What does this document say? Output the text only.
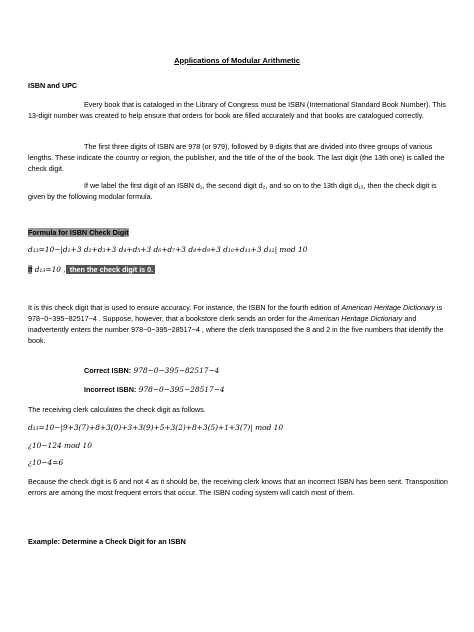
Applications of Modular Arithmetic

ISBN and UPC

Every book that is cataloged in the Library of Congress must be ISBN (International Standard Book Number). This 13-digit number was created to help ensure that orders for book are filled accurately and that books are catalogued correctly.

The first three digits of ISBN are 978 (or 979), followed by 9 digits that are divided into three groups of various lengths. These indicate the country or region, the publisher, and the title of the of the book. The last digit (the 13th one) is called the check digit.

If we label the first digit of an ISBN d₁, the second digit d₂, and so on to the 13th digit d₁₃, then the check digit is given by the following modular formula.

Formula for ISBN Check Digit

d₁₃=10−|d₁+3 d₂+d₃+3 d₄+d₅+3 d₆+d₇+3 d₈+d₉+3 d₁₀+d₁₁+3 d₁₂| mod 10

If d₁₃=10 , then the check digit is 0.

It is this check digit that is used to ensure accuracy. For instance, the ISBN for the fourth edition of American Heritage Dictionary is 978−0−395−82517−4 . Suppose, however, that a bookstore clerk sends an order for the American Heritage Dictionary and inadvertently enters the number 978−0−395−28517−4 , where the clerk transposed the 8 and 2 in the five numbers that identify the book.

Correct ISBN: 978−0−395−82517−4
Incorrect ISBN: 978−0−395−28517−4

The receiving clerk calculates the check digit as follows.

d₁₃=10−|9+3(7)+8+3(0)+3+3(9)+5+3(2)+8+3(5)+1+3(7)| mod 10

¿10−124 mod 10

¿10−4=6

Because the check digit is 6 and not 4 as it should be, the receiving clerk knows that an incorrect ISBN has been sent. Transposition errors are among the most frequent errors that occur. The ISBN coding system will catch most of them.

Example: Determine a Check Digit for an ISBN
